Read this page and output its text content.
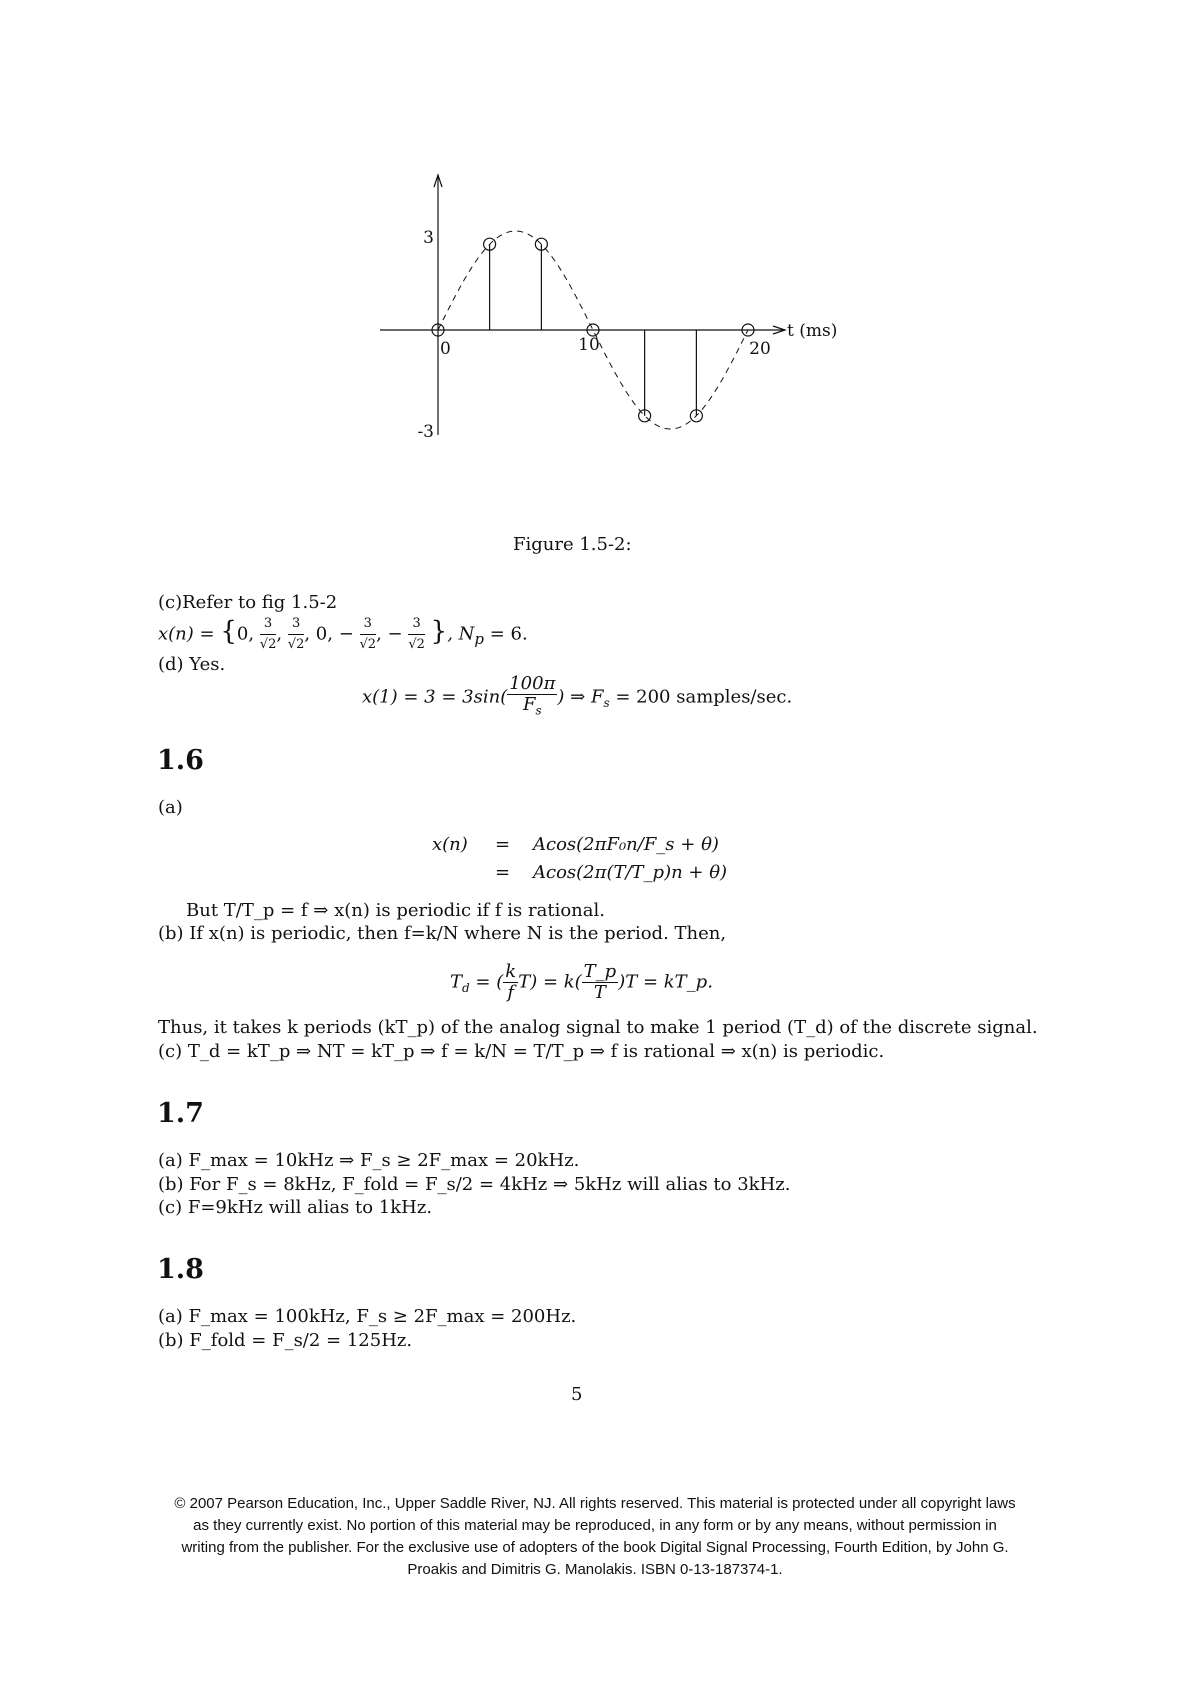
3
-3
0	10	20
t (ms)
Figure 1.5-2:
(c)Refer to fig 1.5-2
x(n) = {0, $\frac{3}{√2}$ , $\frac{3}{√2}$ , 0, − $\frac{3}{√2}$ , − $\frac{3}{√2}$ }, $N_p = 6$.
(d) Yes.
$x(1) = 3 = 3\sin( \frac{100\pi}{F_s}$ ) ⇒ $F_s = 200$ samples/sec.
1.6
(a)
x(n) = Acos(2πF₀n/F_s + θ)
= Acos(2π(T/T_p)n + θ)
But T/T_p = f ⇒ x(n) is periodic if f is rational.
(b) If x(n) is periodic, then f=k/N where N is the period. Then,
$T_d$ = ( $\frac{k}{f} T) = k( \frac{T\_p}{T} )T$ = kT_p.
Thus, it takes k periods (kT_p) of the analog signal to make 1 period (T_d) of the discrete signal.
(c) T_d = kT_p ⇒ NT = kT_p ⇒ f = k/N = T/T_p ⇒ f is rational ⇒ x(n) is periodic.
1.7
(a) F_max = 10kHz ⇒ F_s ≥ 2F_max = 20kHz.
(b) For F_s = 8kHz, F_fold = F_s/2 = 4kHz ⇒ 5kHz will alias to 3kHz.
(c) F=9kHz will alias to 1kHz.
1.8
(a) F_max = 100kHz, F_s ≥ 2F_max = 200Hz.
(b) F_fold = F_s/2 = 125Hz.
5
© 2007 Pearson Education, Inc., Upper Saddle River, NJ. All rights reserved. This material is protected under all copyright laws
as they currently exist. No portion of this material may be reproduced, in any form or by any means, without permission in
writing from the publisher. For the exclusive use of adopters of the book Digital Signal Processing, Fourth Edition, by John G.
Proakis and Dimitris G. Manolakis. ISBN 0-13-187374-1.
